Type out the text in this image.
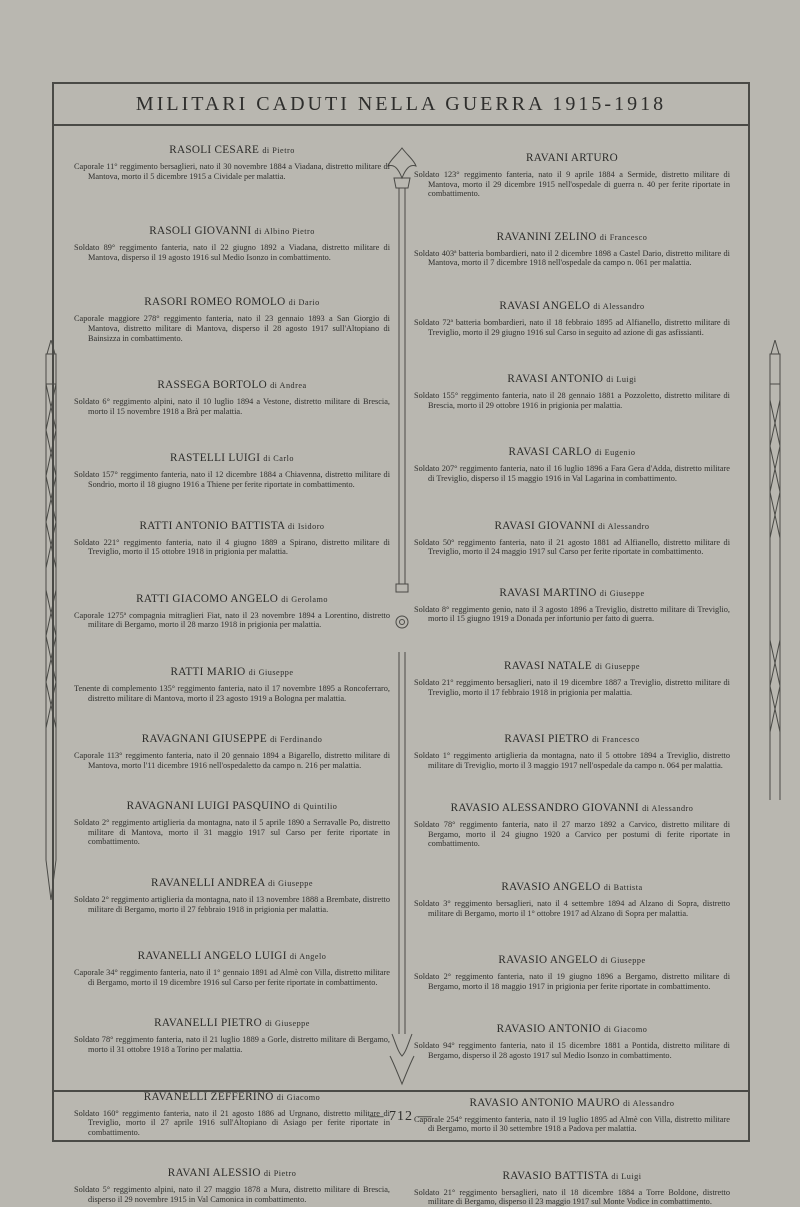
MILITARI CADUTI NELLA GUERRA 1915-1918
RASOLI CESARE di Pietro

Caporale 11° reggimento bersaglieri, nato il 30 novembre 1884 a Viadana, distretto militare di Mantova, morto il 5 dicembre 1915 a Cividale per malattia.

RASOLI GIOVANNI di Albino Pietro

Soldato 89° reggimento fanteria, nato il 22 giugno 1892 a Viadana, distretto militare di Mantova, disperso il 19 agosto 1916 sul Medio Isonzo in combattimento.

RASORI ROMEO ROMOLO di Dario

Caporale maggiore 278° reggimento fanteria, nato il 23 gennaio 1893 a San Giorgio di Mantova, distretto militare di Mantova, disperso il 28 agosto 1917 sull'Altopiano di Bainsizza in combattimento.

RASSEGA BORTOLO di Andrea

Soldato 6° reggimento alpini, nato il 10 luglio 1894 a Vestone, distretto militare di Brescia, morto il 15 novembre 1918 a Brà per malattia.

RASTELLI LUIGI di Carlo

Soldato 157° reggimento fanteria, nato il 12 dicembre 1884 a Chiavenna, distretto militare di Sondrio, morto il 18 giugno 1916 a Thiene per ferite riportate in combattimento.

RATTI ANTONIO BATTISTA di Isidoro

Soldato 221° reggimento fanteria, nato il 4 giugno 1889 a Spirano, distretto militare di Treviglio, morto il 15 ottobre 1918 in prigionia per malattia.

RATTI GIACOMO ANGELO di Gerolamo

Caporale 1275ª compagnia mitraglieri Fiat, nato il 23 novembre 1894 a Lorentino, distretto militare di Bergamo, morto il 28 marzo 1918 in prigionia per malattia.

RATTI MARIO di Giuseppe

Tenente di complemento 135° reggimento fanteria, nato il 17 novembre 1895 a Roncoferraro, distretto militare di Mantova, morto il 23 agosto 1919 a Bologna per malattia.

RAVAGNANI GIUSEPPE di Ferdinando

Caporale 113° reggimento fanteria, nato il 20 gennaio 1894 a Bigarello, distretto militare di Mantova, morto l'11 dicembre 1916 nell'ospedaletto da campo n. 216 per malattia.

RAVAGNANI LUIGI PASQUINO di Quintilio

Soldato 2° reggimento artiglieria da montagna, nato il 5 aprile 1890 a Serravalle Po, distretto militare di Mantova, morto il 31 maggio 1917 sul Carso per ferite riportate in combattimento.

RAVANELLI ANDREA di Giuseppe

Soldato 2° reggimento artiglieria da montagna, nato il 13 novembre 1888 a Brembate, distretto militare di Bergamo, morto il 27 febbraio 1918 in prigionia per malattia.

RAVANELLI ANGELO LUIGI di Angelo

Caporale 34° reggimento fanteria, nato il 1° gennaio 1891 ad Almè con Villa, distretto militare di Bergamo, morto il 19 dicembre 1916 sul Carso per ferite riportate in combattimento.

RAVANELLI PIETRO di Giuseppe

Soldato 78° reggimento fanteria, nato il 21 luglio 1889 a Gorle, distretto militare di Bergamo, morto il 31 ottobre 1918 a Torino per malattia.

RAVANELLI ZEFFERINO di Giacomo

Soldato 160° reggimento fanteria, nato il 21 agosto 1886 ad Urgnano, distretto militare di Treviglio, morto il 27 aprile 1916 sull'Altopiano di Asiago per ferite riportate in combattimento.

RAVANI ALESSIO di Pietro

Soldato 5° reggimento alpini, nato il 27 maggio 1878 a Mura, distretto militare di Brescia, disperso il 29 novembre 1915 in Val Camonica in combattimento.

RAVANI ARTURO

Soldato 123° reggimento fanteria, nato il 9 aprile 1884 a Sermide, distretto militare di Mantova, morto il 29 dicembre 1915 nell'ospedale di guerra n. 40 per ferite riportate in combattimento.

RAVANINI ZELINO di Francesco

Soldato 403ª batteria bombardieri, nato il 2 dicembre 1898 a Castel Dario, distretto militare di Mantova, morto il 7 dicembre 1918 nell'ospedale da campo n. 061 per malattia.

RAVASI ANGELO di Alessandro

Soldato 72ª batteria bombardieri, nato il 18 febbraio 1895 ad Alfianello, distretto militare di Treviglio, morto il 29 giugno 1916 sul Carso in seguito ad azione di gas asfissianti.

RAVASI ANTONIO di Luigi

Soldato 155° reggimento fanteria, nato il 28 gennaio 1881 a Pozzoletto, distretto militare di Brescia, morto il 29 ottobre 1916 in prigionia per malattia.

RAVASI CARLO di Eugenio

Soldato 207° reggimento fanteria, nato il 16 luglio 1896 a Fara Gera d'Adda, distretto militare di Treviglio, disperso il 15 maggio 1916 in Val Lagarina in combattimento.

RAVASI GIOVANNI di Alessandro

Soldato 50° reggimento fanteria, nato il 21 agosto 1881 ad Alfianello, distretto militare di Treviglio, morto il 24 maggio 1917 sul Carso per ferite riportate in combattimento.

RAVASI MARTINO di Giuseppe

Soldato 8° reggimento genio, nato il 3 agosto 1896 a Treviglio, distretto militare di Treviglio, morto il 15 giugno 1919 a Donada per infortunio per fatto di guerra.

RAVASI NATALE di Giuseppe

Soldato 21° reggimento bersaglieri, nato il 19 dicembre 1887 a Treviglio, distretto militare di Treviglio, morto il 17 febbraio 1918 in prigionia per malattia.

RAVASI PIETRO di Francesco

Soldato 1° reggimento artiglieria da montagna, nato il 5 ottobre 1894 a Treviglio, distretto militare di Treviglio, morto il 3 maggio 1917 nell'ospedale da campo n. 064 per malattia.

RAVASIO ALESSANDRO GIOVANNI di Alessandro

Soldato 78° reggimento fanteria, nato il 27 marzo 1892 a Carvico, distretto militare di Bergamo, morto il 24 giugno 1920 a Carvico per postumi di ferite riportate in combattimento.

RAVASIO ANGELO di Battista

Soldato 3° reggimento bersaglieri, nato il 4 settembre 1894 ad Alzano di Sopra, distretto militare di Bergamo, morto il 1° ottobre 1917 ad Alzano di Sopra per malattia.

RAVASIO ANGELO di Giuseppe

Soldato 2° reggimento fanteria, nato il 19 giugno 1896 a Bergamo, distretto militare di Bergamo, morto il 18 maggio 1917 in prigionia per ferite riportate in combattimento.

RAVASIO ANTONIO di Giacomo

Soldato 94° reggimento fanteria, nato il 15 dicembre 1881 a Pontida, distretto militare di Bergamo, disperso il 28 agosto 1917 sul Medio Isonzo in combattimento.

RAVASIO ANTONIO MAURO di Alessandro

Caporale 254° reggimento fanteria, nato il 19 luglio 1895 ad Almè con Villa, distretto militare di Bergamo, morto il 30 settembre 1918 a Padova per malattia.

RAVASIO BATTISTA di Luigi

Soldato 21° reggimento bersaglieri, nato il 18 dicembre 1884 a Torre Boldone, distretto militare di Bergamo, disperso il 23 maggio 1917 sul Monte Vodice in combattimento.

— 712 —
